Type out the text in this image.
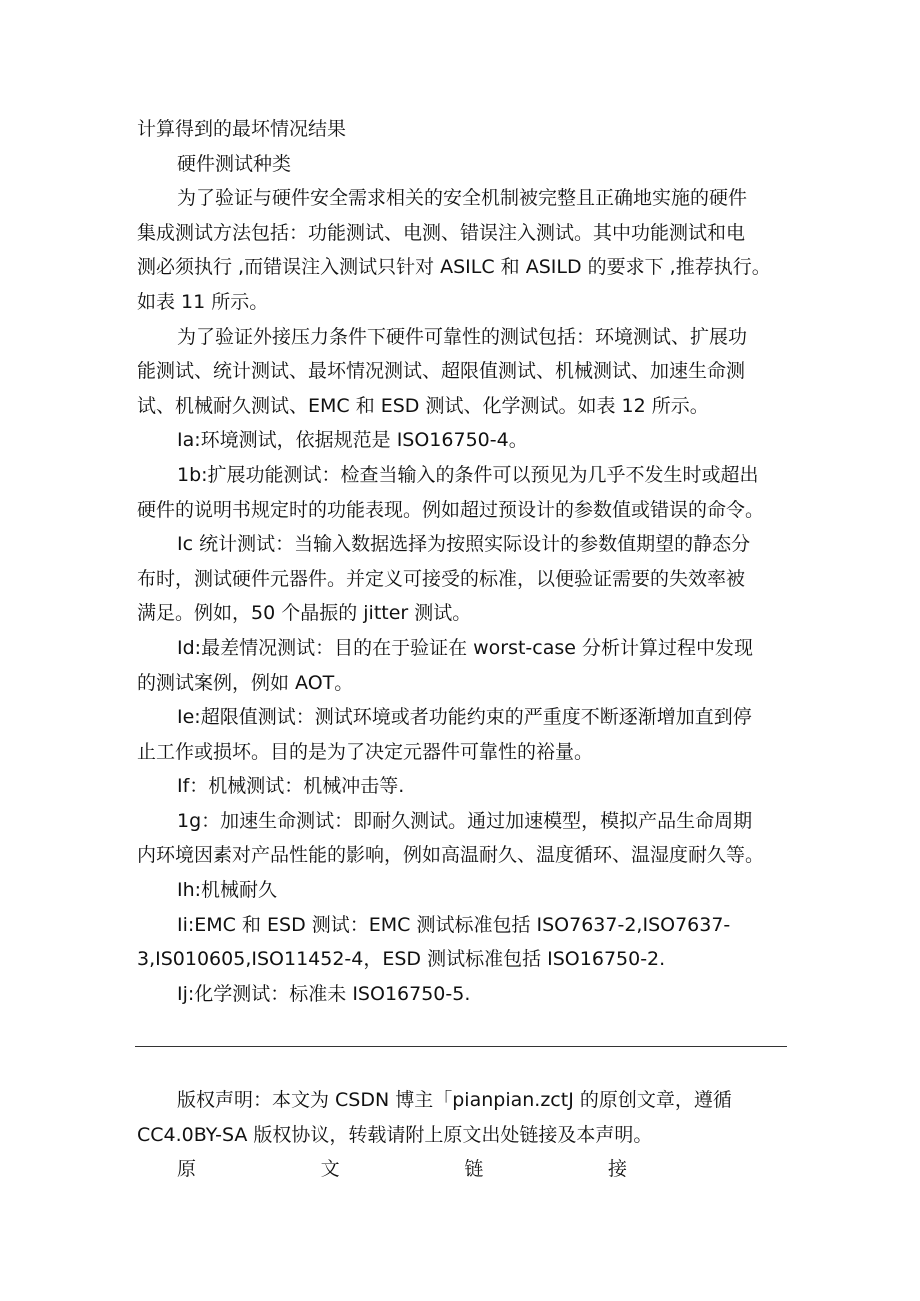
计算得到的最坏情况结果
硬件测试种类
为了验证与硬件安全需求相关的安全机制被完整且正确地实施的硬件
集成测试方法包括：功能测试、电测、错误注入测试。其中功能测试和电
测必须执行 ,而错误注入测试只针对 ASILC 和 ASILD 的要求下 ,推荐执行。
如表 11 所示。
为了验证外接压力条件下硬件可靠性的测试包括：环境测试、扩展功
能测试、统计测试、最坏情况测试、超限值测试、机械测试、加速生命测
试、机械耐久测试、EMC 和 ESD 测试、化学测试。如表 12 所示。
Ia:环境测试，依据规范是 ISO16750-4。
1b:扩展功能测试：检查当输入的条件可以预见为几乎不发生时或超出
硬件的说明书规定时的功能表现。例如超过预设计的参数值或错误的命令。
Ic 统计测试：当输入数据选择为按照实际设计的参数值期望的静态分
布时，测试硬件元器件。并定义可接受的标准，以便验证需要的失效率被
满足。例如，50 个晶振的 jitter 测试。
Id:最差情况测试：目的在于验证在 worst-case 分析计算过程中发现
的测试案例，例如 AOT。
Ie:超限值测试：测试环境或者功能约束的严重度不断逐渐增加直到停
止工作或损坏。目的是为了决定元器件可靠性的裕量。
If：机械测试：机械冲击等.
1g：加速生命测试：即耐久测试。通过加速模型，模拟产品生命周期
内环境因素对产品性能的影响，例如高温耐久、温度循环、温湿度耐久等。
Ih:机械耐久
Ii:EMC 和 ESD 测试：EMC 测试标准包括 ISO7637-2,ISO7637-
3,IS010605,ISO11452-4，ESD 测试标准包括 ISO16750-2.
Ij:化学测试：标准未 ISO16750-5.
版权声明：本文为 CSDN 博主「pianpian.zctJ 的原创文章，遵循
CC4.0BY-SA 版权协议，转载请附上原文出处链接及本声明。
原	文	链	接
